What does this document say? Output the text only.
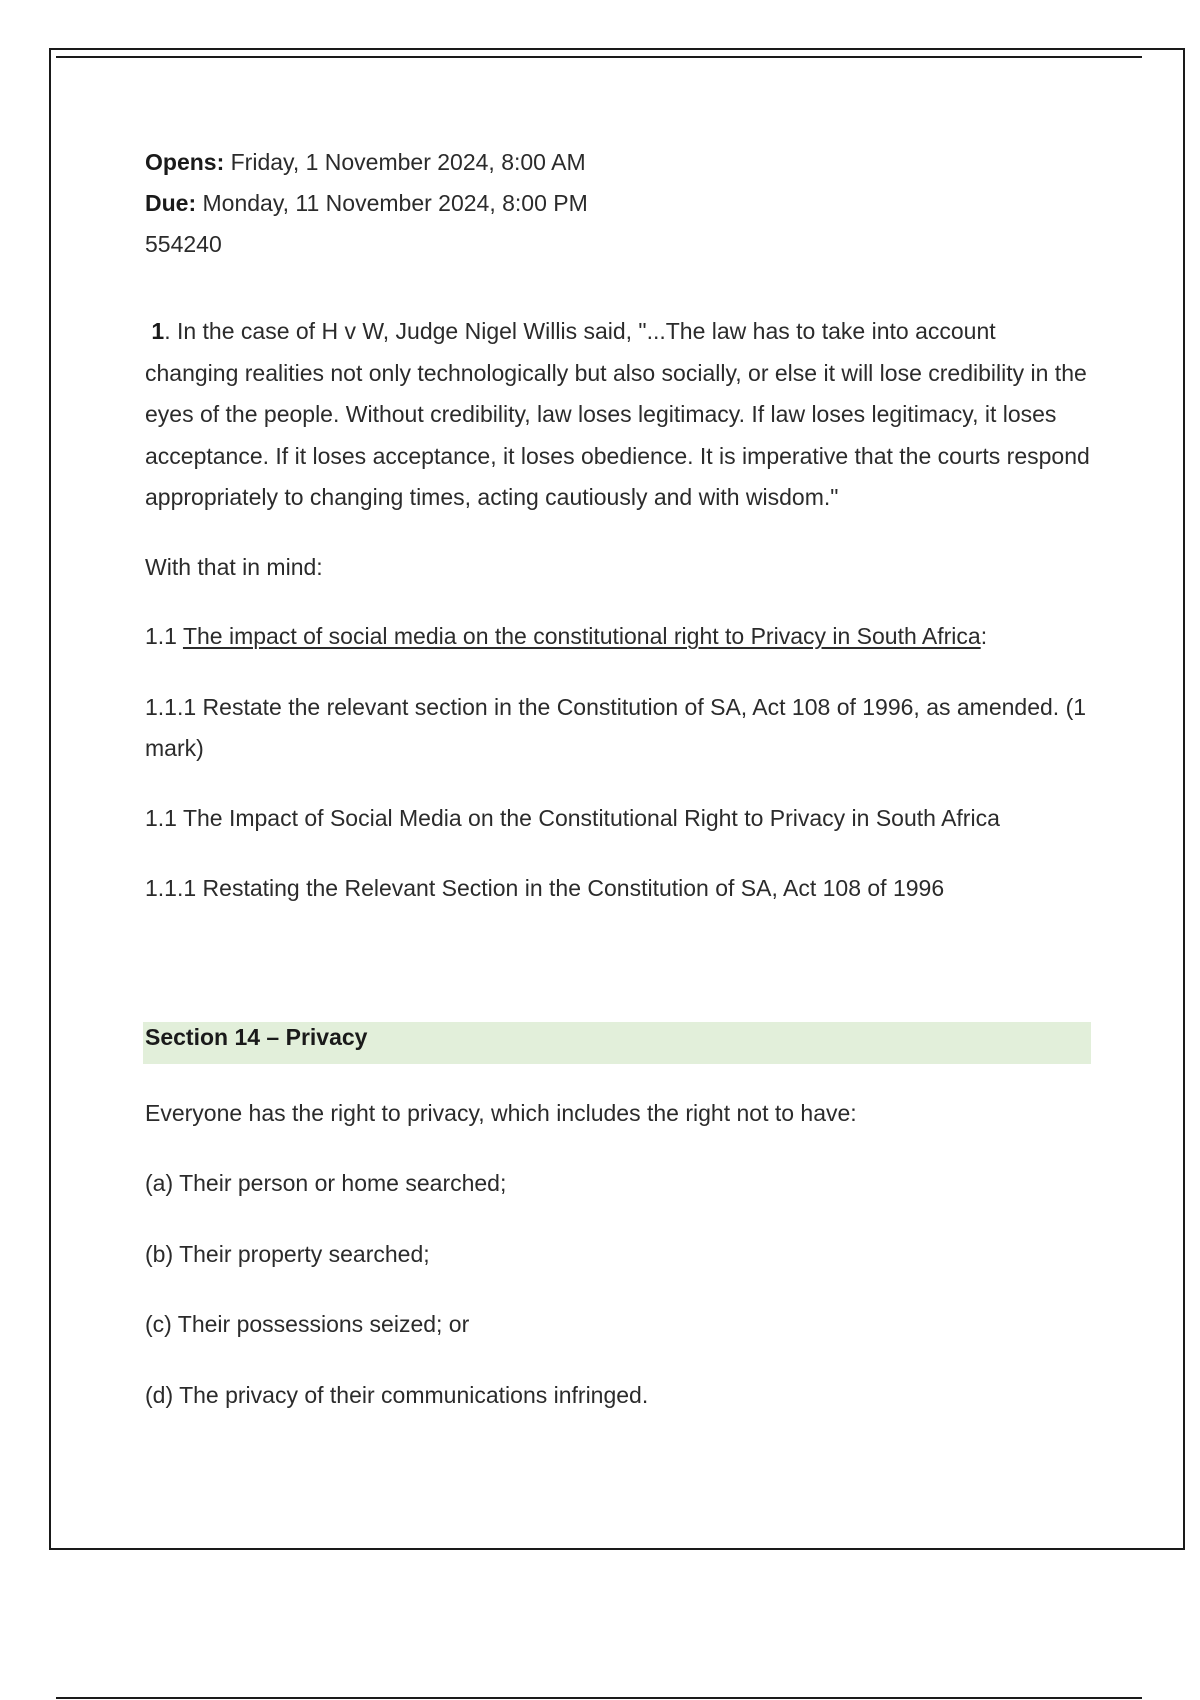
Opens: Friday, 1 November 2024, 8:00 AM

Due: Monday, 11 November 2024, 8:00 PM

554240

1. In the case of H v W, Judge Nigel Willis said, "...The law has to take into account changing realities not only technologically but also socially, or else it will lose credibility in the eyes of the people. Without credibility, law loses legitimacy. If law loses legitimacy, it loses acceptance. If it loses acceptance, it loses obedience. It is imperative that the courts respond appropriately to changing times, acting cautiously and with wisdom."

With that in mind:

1.1 The impact of social media on the constitutional right to Privacy in South Africa:

1.1.1 Restate the relevant section in the Constitution of SA, Act 108 of 1996, as amended. (1 mark)

1.1 The Impact of Social Media on the Constitutional Right to Privacy in South Africa

1.1.1 Restating the Relevant Section in the Constitution of SA, Act 108 of 1996

Section 14 – Privacy

Everyone has the right to privacy, which includes the right not to have:

(a) Their person or home searched;

(b) Their property searched;

(c) Their possessions seized; or

(d) The privacy of their communications infringed.
